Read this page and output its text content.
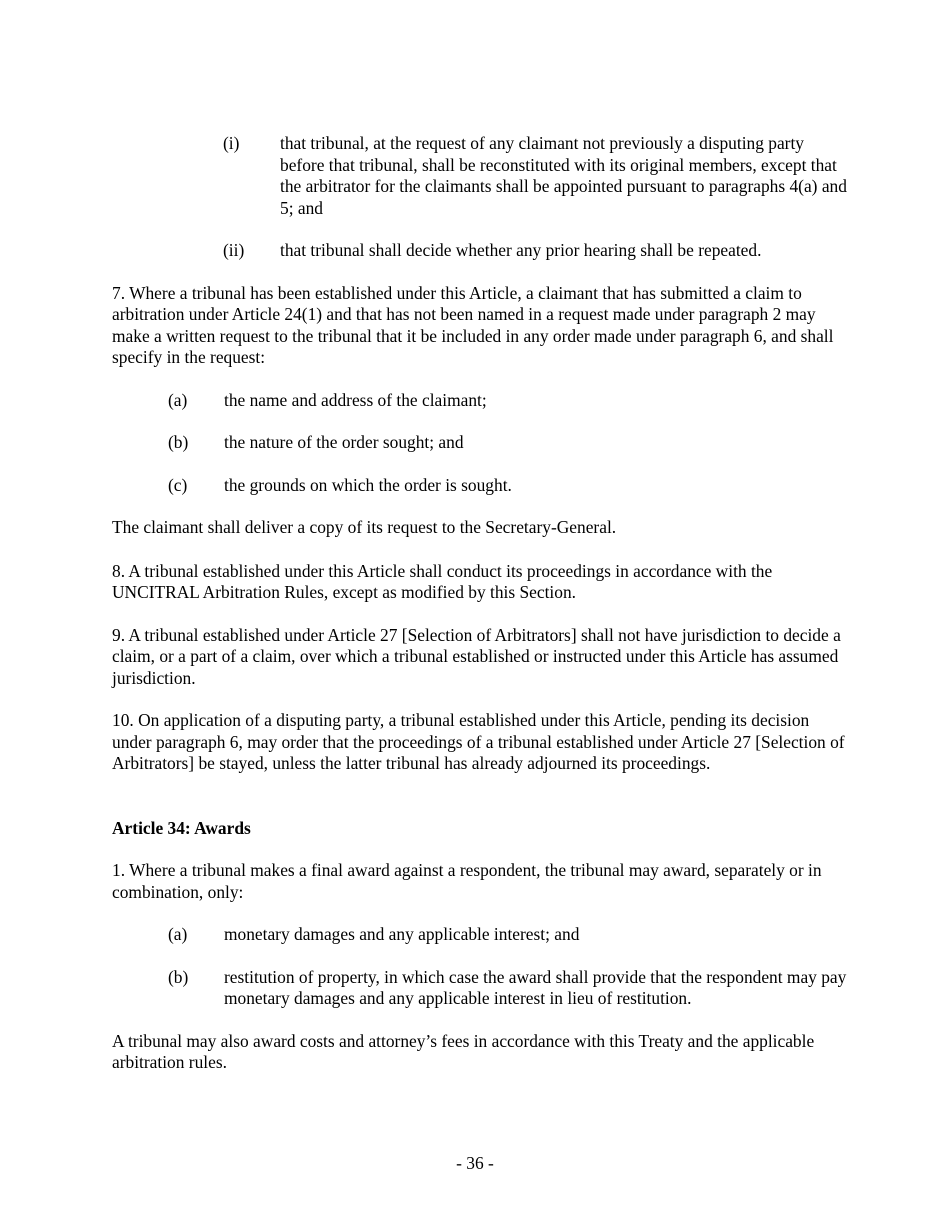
(i)	that tribunal, at the request of any claimant not previously a disputing party before that tribunal, shall be reconstituted with its original members, except that the arbitrator for the claimants shall be appointed pursuant to paragraphs 4(a) and 5; and
(ii)	that tribunal shall decide whether any prior hearing shall be repeated.

7. Where a tribunal has been established under this Article, a claimant that has submitted a claim to arbitration under Article 24(1) and that has not been named in a request made under paragraph 2 may make a written request to the tribunal that it be included in any order made under paragraph 6, and shall specify in the request:

(a)	the name and address of the claimant;
(b)	the nature of the order sought; and
(c)	the grounds on which the order is sought.

The claimant shall deliver a copy of its request to the Secretary-General.

8. A tribunal established under this Article shall conduct its proceedings in accordance with the UNCITRAL Arbitration Rules, except as modified by this Section.

9. A tribunal established under Article 27 [Selection of Arbitrators] shall not have jurisdiction to decide a claim, or a part of a claim, over which a tribunal established or instructed under this Article has assumed jurisdiction.

10. On application of a disputing party, a tribunal established under this Article, pending its decision under paragraph 6, may order that the proceedings of a tribunal established under Article 27 [Selection of Arbitrators] be stayed, unless the latter tribunal has already adjourned its proceedings.

Article 34: Awards

1. Where a tribunal makes a final award against a respondent, the tribunal may award, separately or in combination, only:

(a)	monetary damages and any applicable interest; and
(b)	restitution of property, in which case the award shall provide that the respondent may pay monetary damages and any applicable interest in lieu of restitution.

A tribunal may also award costs and attorney’s fees in accordance with this Treaty and the applicable arbitration rules.

- 36 -
